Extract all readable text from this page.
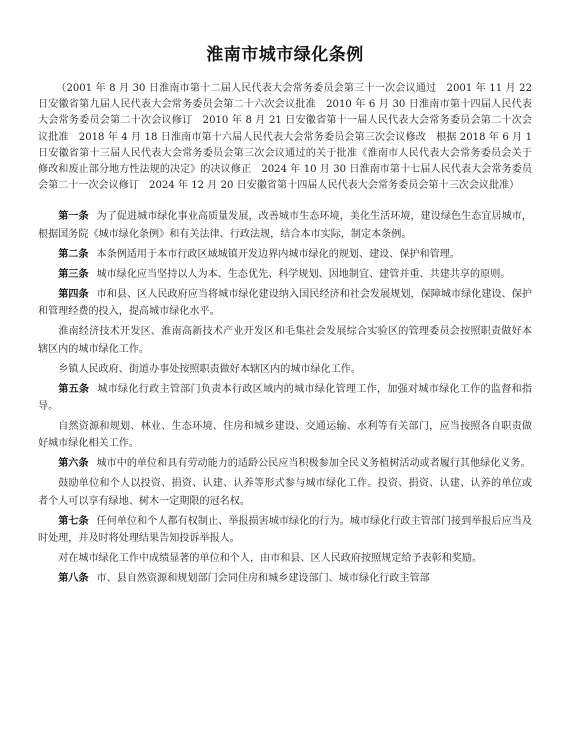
淮南市城市绿化条例
（2001 年 8 月 30 日淮南市第十二届人民代表大会常务委员会第三十一次会议通过　2001 年 11 月 22 日安徽省第九届人民代表大会常务委员会第二十六次会议批准　2010 年 6 月 30 日淮南市第十四届人民代表大会常务委员会第二十次会议修订　2010 年 8 月 21 日安徽省第十一届人民代表大会常务委员会第二十次会议批准　2018 年 4 月 18 日淮南市第十六届人民代表大会常务委员会第三次会议修改　根据 2018 年 6 月 1 日安徽省第十三届人民代表大会常务委员会第三次会议通过的关于批准《淮南市人民代表大会常务委员会关于修改和废止部分地方性法规的决定》的决议修正　2024 年 10 月 30 日淮南市第十七届人民代表大会常务委员会第二十一次会议修订　2024 年 12 月 20 日安徽省第十四届人民代表大会常务委员会第十三次会议批准）

第一条 为了促进城市绿化事业高质量发展，改善城市生态环境，美化生活环境，建设绿色生态宜居城市，根据国务院《城市绿化条例》和有关法律、行政法规，结合本市实际，制定本条例。

第二条 本条例适用于本市行政区域城镇开发边界内城市绿化的规划、建设、保护和管理。

第三条 城市绿化应当坚持以人为本、生态优先、科学规划、因地制宜、建管并重、共建共享的原则。

第四条 市和县、区人民政府应当将城市绿化建设纳入国民经济和社会发展规划，保障城市绿化建设、保护和管理经费的投入，提高城市绿化水平。

淮南经济技术开发区、淮南高新技术产业开发区和毛集社会发展综合实验区的管理委员会按照职责做好本辖区内的城市绿化工作。

乡镇人民政府、街道办事处按照职责做好本辖区内的城市绿化工作。

第五条 城市绿化行政主管部门负责本行政区域内的城市绿化管理工作，加强对城市绿化工作的监督和指导。

自然资源和规划、林业、生态环境、住房和城乡建设、交通运输、水利等有关部门，应当按照各自职责做好城市绿化相关工作。

第六条 城市中的单位和具有劳动能力的适龄公民应当积极参加全民义务植树活动或者履行其他绿化义务。

鼓励单位和个人以投资、捐资、认建、认养等形式参与城市绿化工作。投资、捐资、认建、认养的单位或者个人可以享有绿地、树木一定期限的冠名权。

第七条 任何单位和个人都有权制止、举报损害城市绿化的行为。城市绿化行政主管部门接到举报后应当及时处理，并及时将处理结果告知投诉举报人。

对在城市绿化工作中成绩显著的单位和个人，由市和县、区人民政府按照规定给予表彰和奖励。

第八条 市、县自然资源和规划部门会同住房和城乡建设部门、城市绿化行政主管部
